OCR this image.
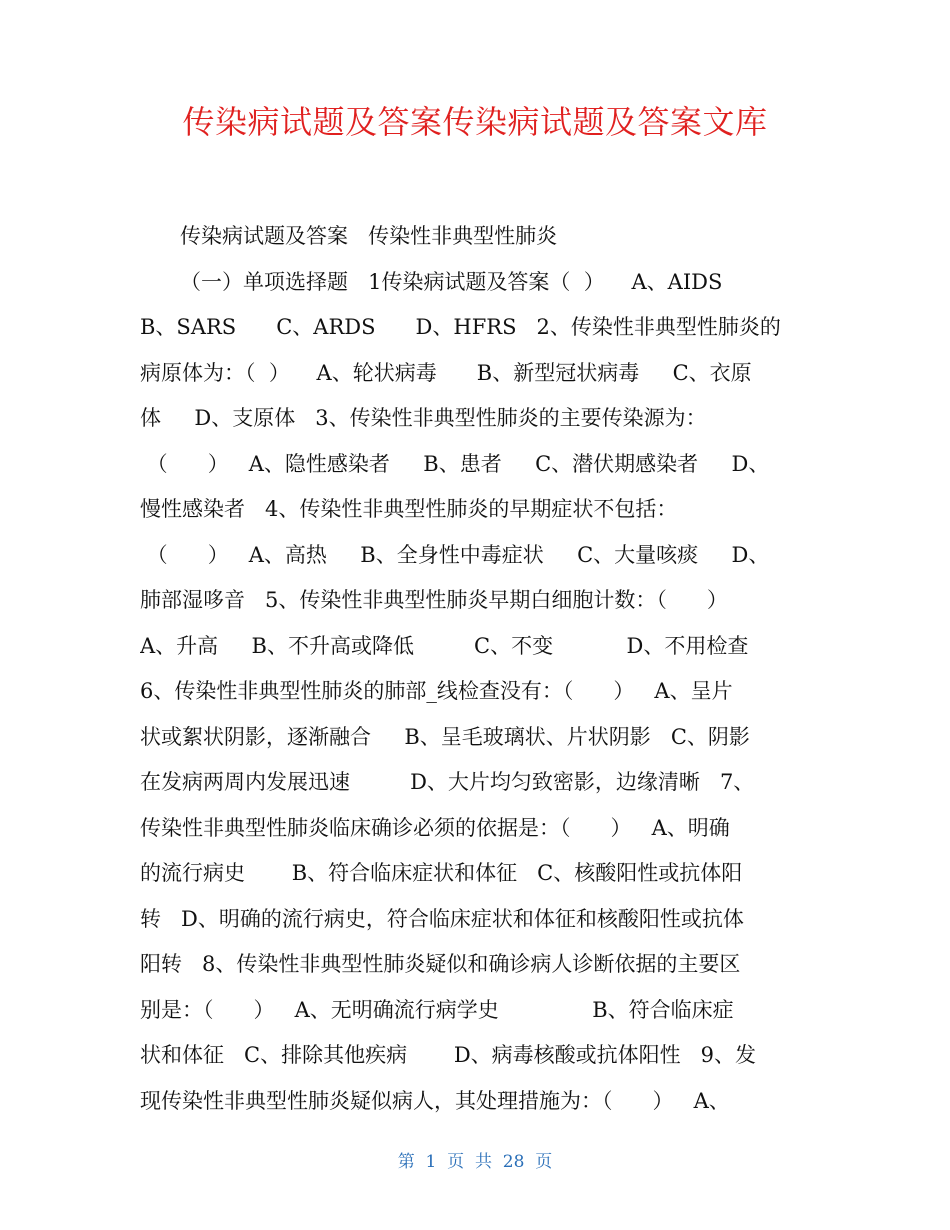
传染病试题及答案传染病试题及答案文库
传染病试题及答案   传染性非典型性肺炎
（一）单项选择题   1传染病试题及答案（  ）    A、AIDS
B、SARS      C、ARDS      D、HFRS   2、传染性非典型性肺炎的
病原体为：（  ）    A、轮状病毒      B、新型冠状病毒     C、衣原
体     D、支原体   3、传染性非典型性肺炎的主要传染源为：
（      ）   A、隐性感染者     B、患者     C、潜伏期感染者     D、
慢性感染者   4、传染性非典型性肺炎的早期症状不包括：
（      ）   A、高热     B、全身性中毒症状     C、大量咳痰     D、
肺部湿哆音   5、传染性非典型性肺炎早期白细胞计数：（      ）
A、升高     B、不升高或降低         C、不变           D、不用检查
6、传染性非典型性肺炎的肺部_线检查没有：（      ）   A、呈片
状或絮状阴影，逐渐融合     B、呈毛玻璃状、片状阴影   C、阴影
在发病两周内发展迅速         D、大片均匀致密影，边缘清晰   7、
传染性非典型性肺炎临床确诊必须的依据是：（      ）   A、明确
的流行病史       B、符合临床症状和体征   C、核酸阳性或抗体阳
转   D、明确的流行病史，符合临床症状和体征和核酸阳性或抗体
阳转   8、传染性非典型性肺炎疑似和确诊病人诊断依据的主要区
别是：（      ）   A、无明确流行病学史              B、符合临床症
状和体征   C、排除其他疾病       D、病毒核酸或抗体阳性   9、发
现传染性非典型性肺炎疑似病人，其处理措施为：（      ）   A、
第  1  页  共  28  页
